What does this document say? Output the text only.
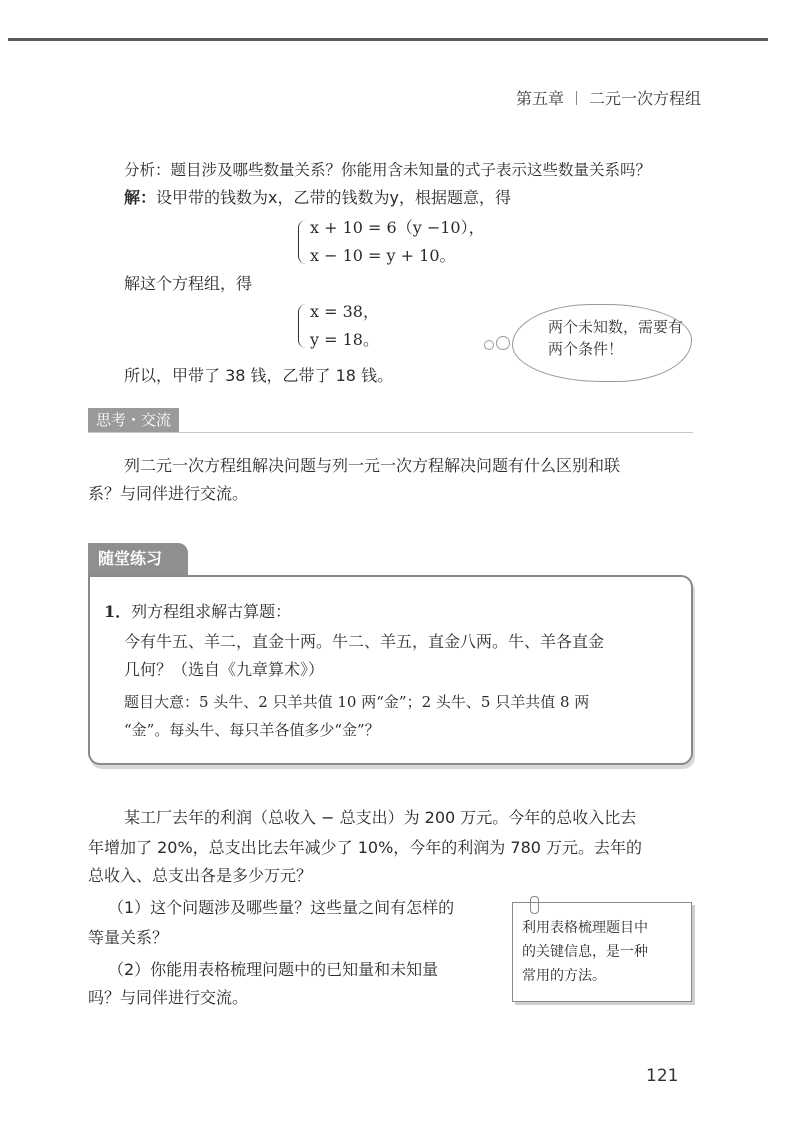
第五章 二元一次方程组
分析：题目涉及哪些数量关系？你能用含未知量的式子表示这些数量关系吗？
解：设甲带的钱数为x，乙带的钱数为y，根据题意，得
x + 10 = 6（y −10），
x − 10 = y + 10。
解这个方程组，得
x = 38，
y = 18。
所以，甲带了 38 钱，乙带了 18 钱。
两个未知数，需要有两个条件！
思考・交流
列二元一次方程组解决问题与列一元一次方程解决问题有什么区别和联
系？与同伴进行交流。
随堂练习
1．列方程组求解古算题：
今有牛五、羊二，直金十两。牛二、羊五，直金八两。牛、羊各直金
几何？（选自《九章算术》）
题目大意：5 头牛、2 只羊共值 10 两“金”；2 头牛、5 只羊共值 8 两
“金”。每头牛、每只羊各值多少“金”？
某工厂去年的利润（总收入 − 总支出）为 200 万元。今年的总收入比去
年增加了 20%，总支出比去年减少了 10%，今年的利润为 780 万元。去年的
总收入、总支出各是多少万元？
（1）这个问题涉及哪些量？这些量之间有怎样的
等量关系？
（2）你能用表格梳理问题中的已知量和未知量
吗？与同伴进行交流。
利用表格梳理题目中
的关键信息，是一种
常用的方法。
121
